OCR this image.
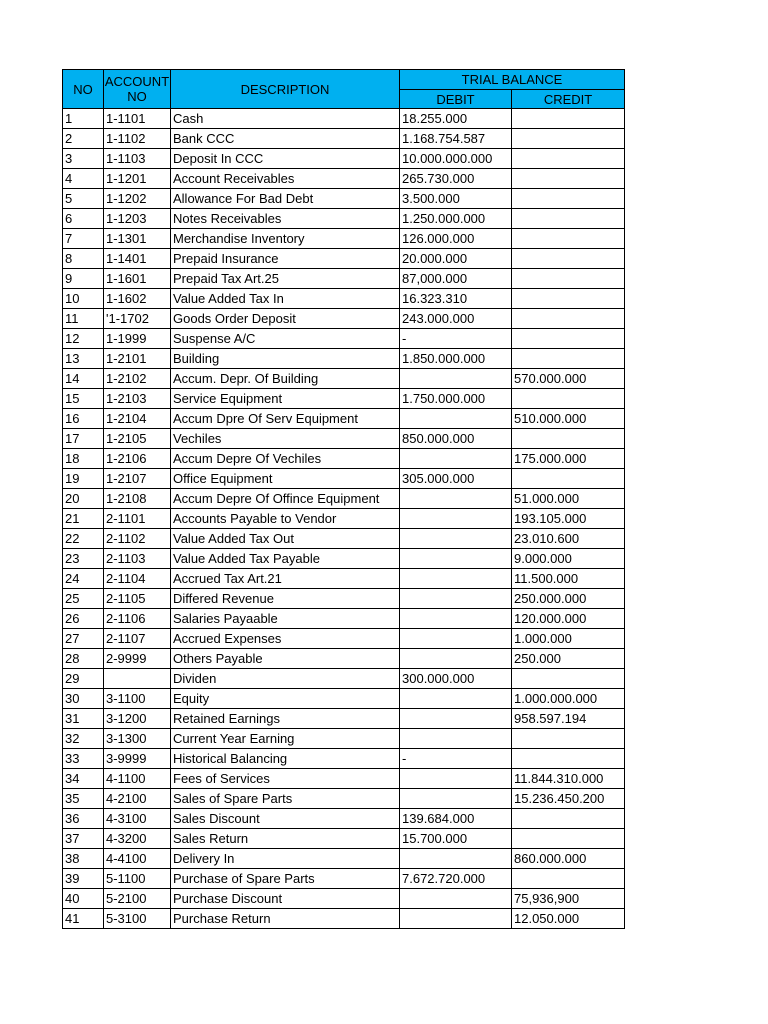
NO	ACCOUNT NO	DESCRIPTION	TRIAL BALANCE	
			DEBIT	CREDIT
1	1-1101	Cash	18.255.000	
2	1-1102	Bank CCC	1.168.754.587	
3	1-1103	Deposit In CCC	10.000.000.000	
4	1-1201	Account Receivables	265.730.000	
5	1-1202	Allowance For Bad Debt	3.500.000	
6	1-1203	Notes Receivables	1.250.000.000	
7	1-1301	Merchandise Inventory	126.000.000	
8	1-1401	Prepaid Insurance	20.000.000	
9	1-1601	Prepaid Tax Art.25	87,000.000	
10	1-1602	Value Added Tax In	16.323.310	
11	'1-1702	Goods Order Deposit	243.000.000	
12	1-1999	Suspense A/C	-	
13	1-2101	Building	1.850.000.000	
14	1-2102	Accum. Depr. Of Building		570.000.000
15	1-2103	Service Equipment	1.750.000.000	
16	1-2104	Accum Dpre Of Serv Equipment		510.000.000
17	1-2105	Vechiles	850.000.000	
18	1-2106	Accum Depre Of Vechiles		175.000.000
19	1-2107	Office Equipment	305.000.000	
20	1-2108	Accum Depre Of Offince Equipment		51.000.000
21	2-1101	Accounts Payable to Vendor		193.105.000
22	2-1102	Value Added Tax Out		23.010.600
23	2-1103	Value Added Tax Payable		9.000.000
24	2-1104	Accrued Tax Art.21		11.500.000
25	2-1105	Differed Revenue		250.000.000
26	2-1106	Salaries Payaable		120.000.000
27	2-1107	Accrued Expenses		1.000.000
28	2-9999	Others Payable		250.000
29		Dividen	300.000.000	
30	3-1100	Equity		1.000.000.000
31	3-1200	Retained Earnings		958.597.194
32	3-1300	Current Year Earning		
33	3-9999	Historical Balancing	-	
34	4-1100	Fees of Services		11.844.310.000
35	4-2100	Sales of Spare Parts		15.236.450.200
36	4-3100	Sales Discount	139.684.000	
37	4-3200	Sales Return	15.700.000	
38	4-4100	Delivery In		860.000.000
39	5-1100	Purchase of Spare Parts	7.672.720.000	
40	5-2100	Purchase Discount		75,936,900
41	5-3100	Purchase Return		12.050.000
